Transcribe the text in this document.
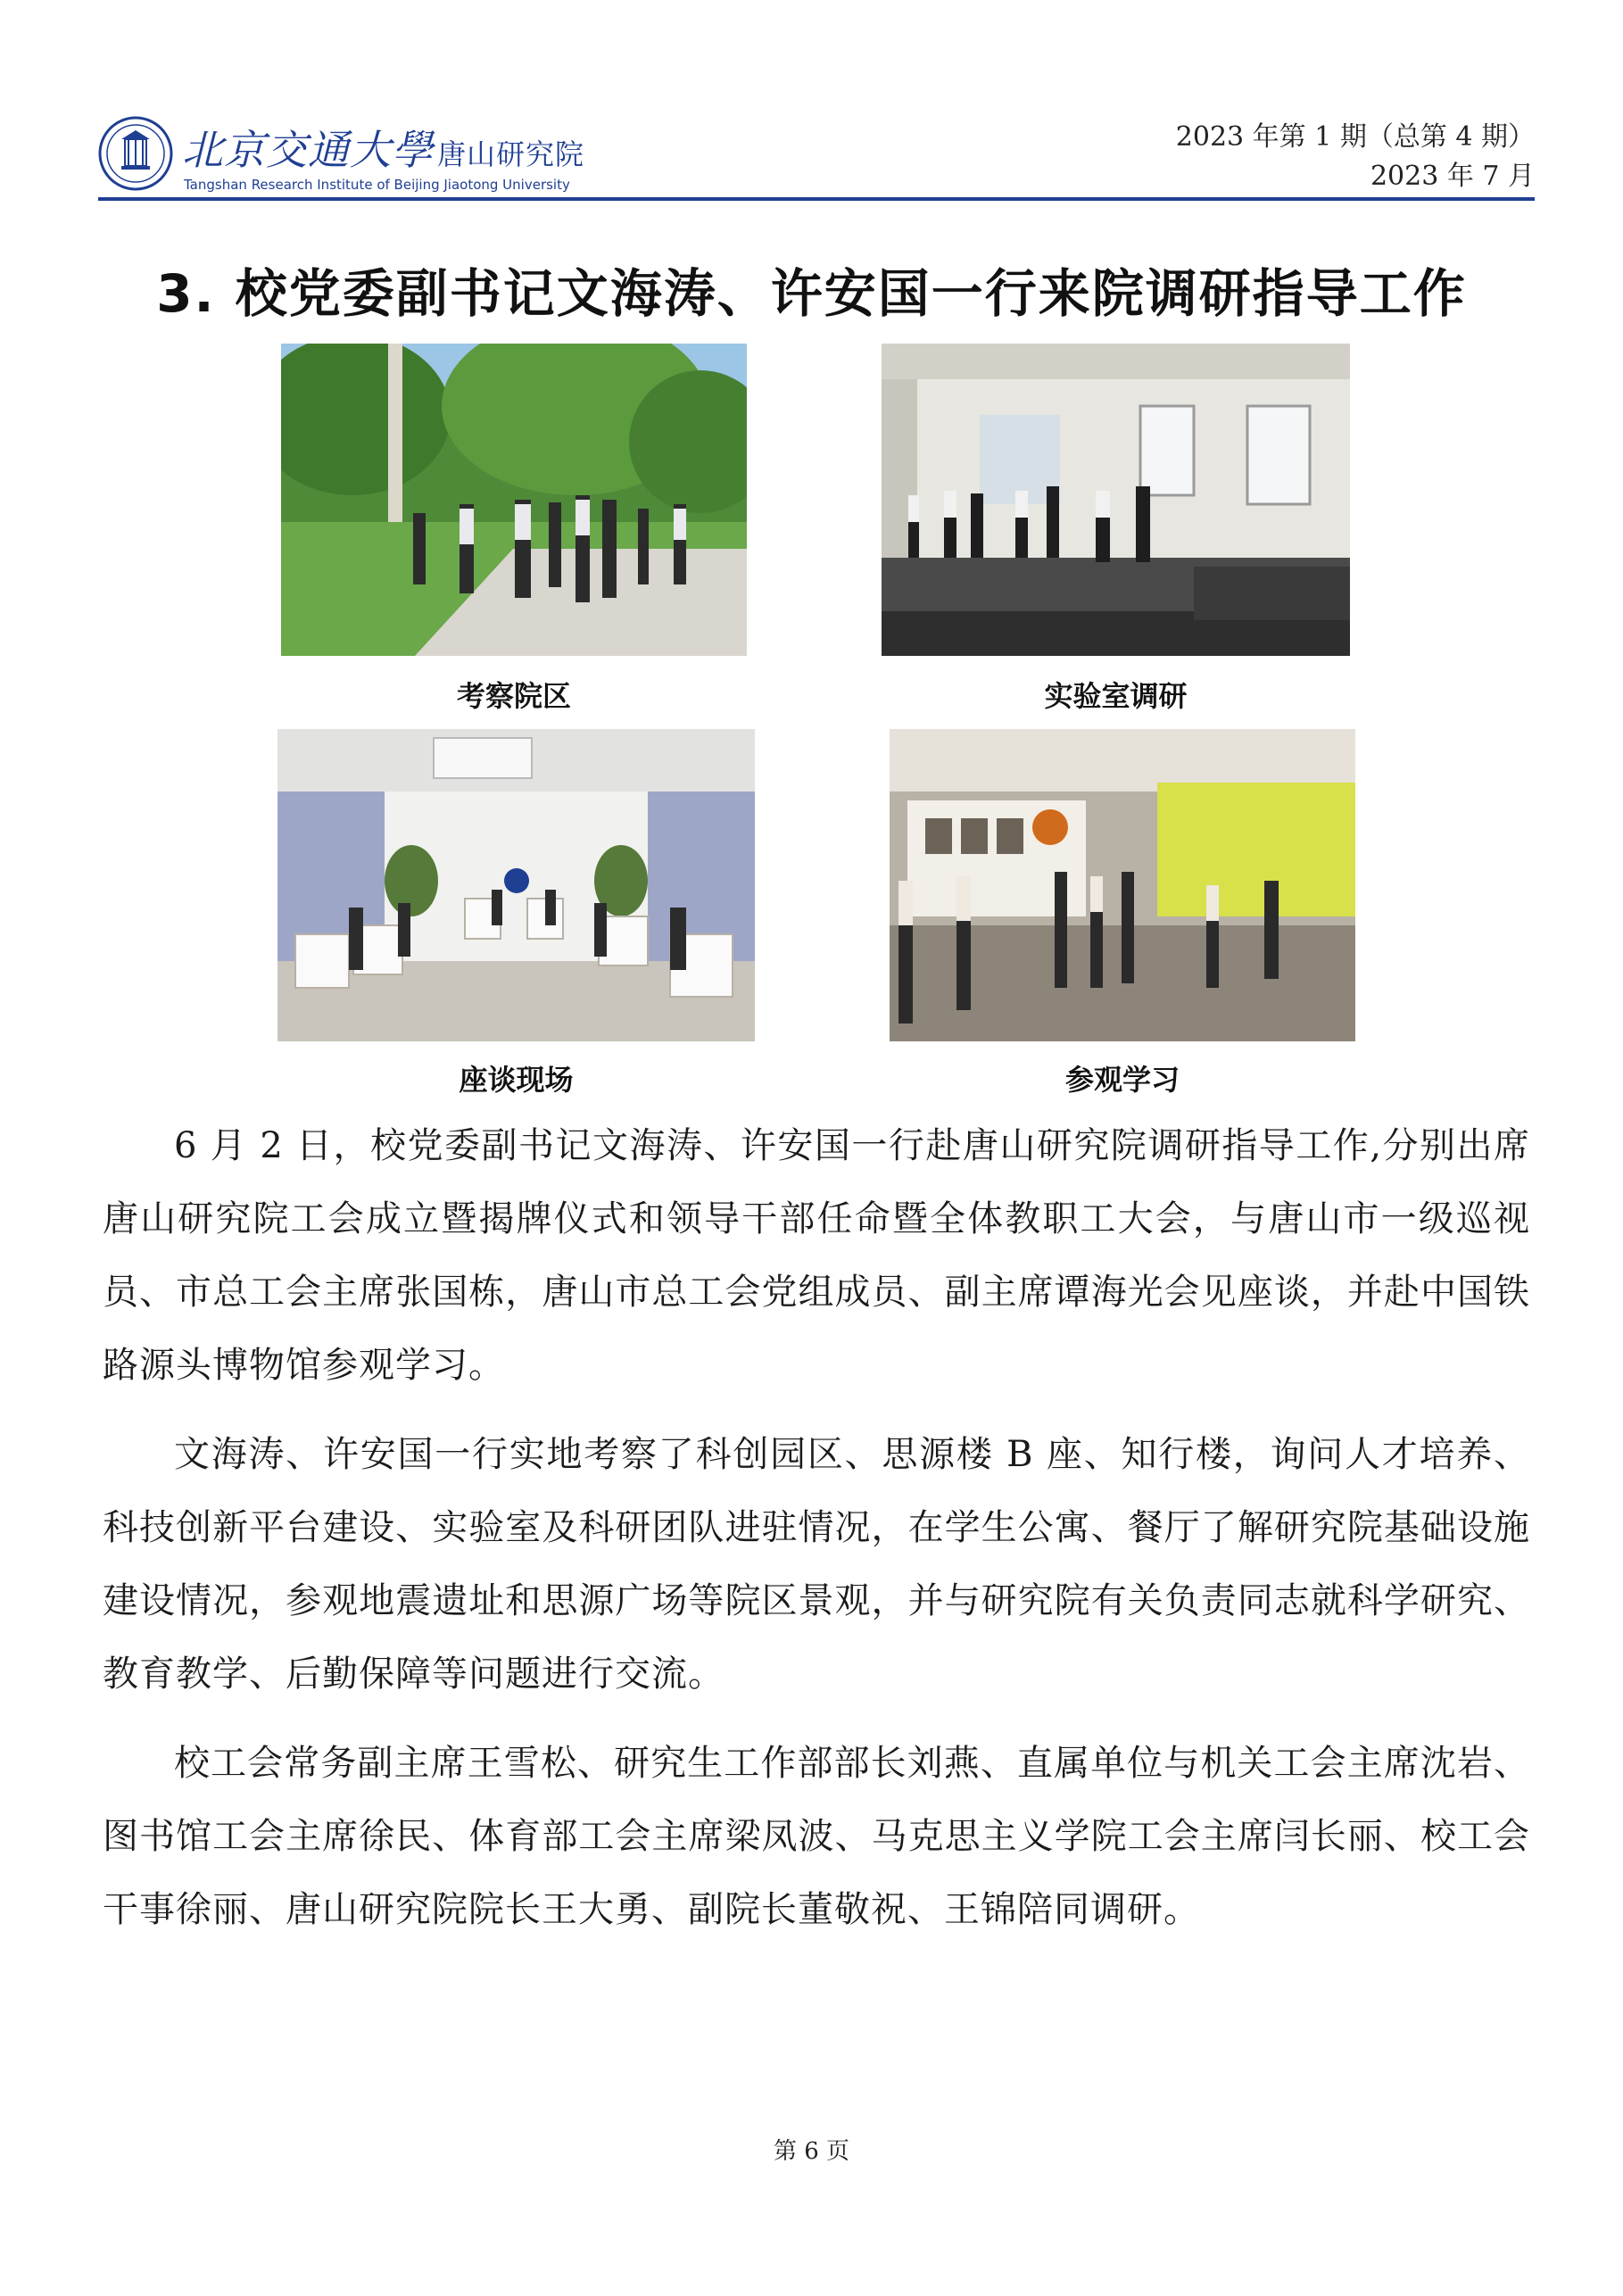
北京交通大學 唐山研究院
Tangshan Research Institute of Beijing Jiaotong University
2023 年第 1 期（总第 4 期）
2023 年 7 月
3. 校党委副书记文海涛、许安国一行来院调研指导工作
考察院区	实验室调研
座谈现场	参观学习

6 月 2 日，校党委副书记文海涛、许安国一行赴唐山研究院调研指导工作,分别出席唐山研究院工会成立暨揭牌仪式和领导干部任命暨全体教职工大会，与唐山市一级巡视员、市总工会主席张国栋，唐山市总工会党组成员、副主席谭海光会见座谈，并赴中国铁路源头博物馆参观学习。

文海涛、许安国一行实地考察了科创园区、思源楼 B 座、知行楼，询问人才培养、科技创新平台建设、实验室及科研团队进驻情况，在学生公寓、餐厅了解研究院基础设施建设情况，参观地震遗址和思源广场等院区景观，并与研究院有关负责同志就科学研究、教育教学、后勤保障等问题进行交流。

校工会常务副主席王雪松、研究生工作部部长刘燕、直属单位与机关工会主席沈岩、图书馆工会主席徐民、体育部工会主席梁凤波、马克思主义学院工会主席闫长丽、校工会干事徐丽、唐山研究院院长王大勇、副院长董敬祝、王锦陪同调研。

第 6 页
